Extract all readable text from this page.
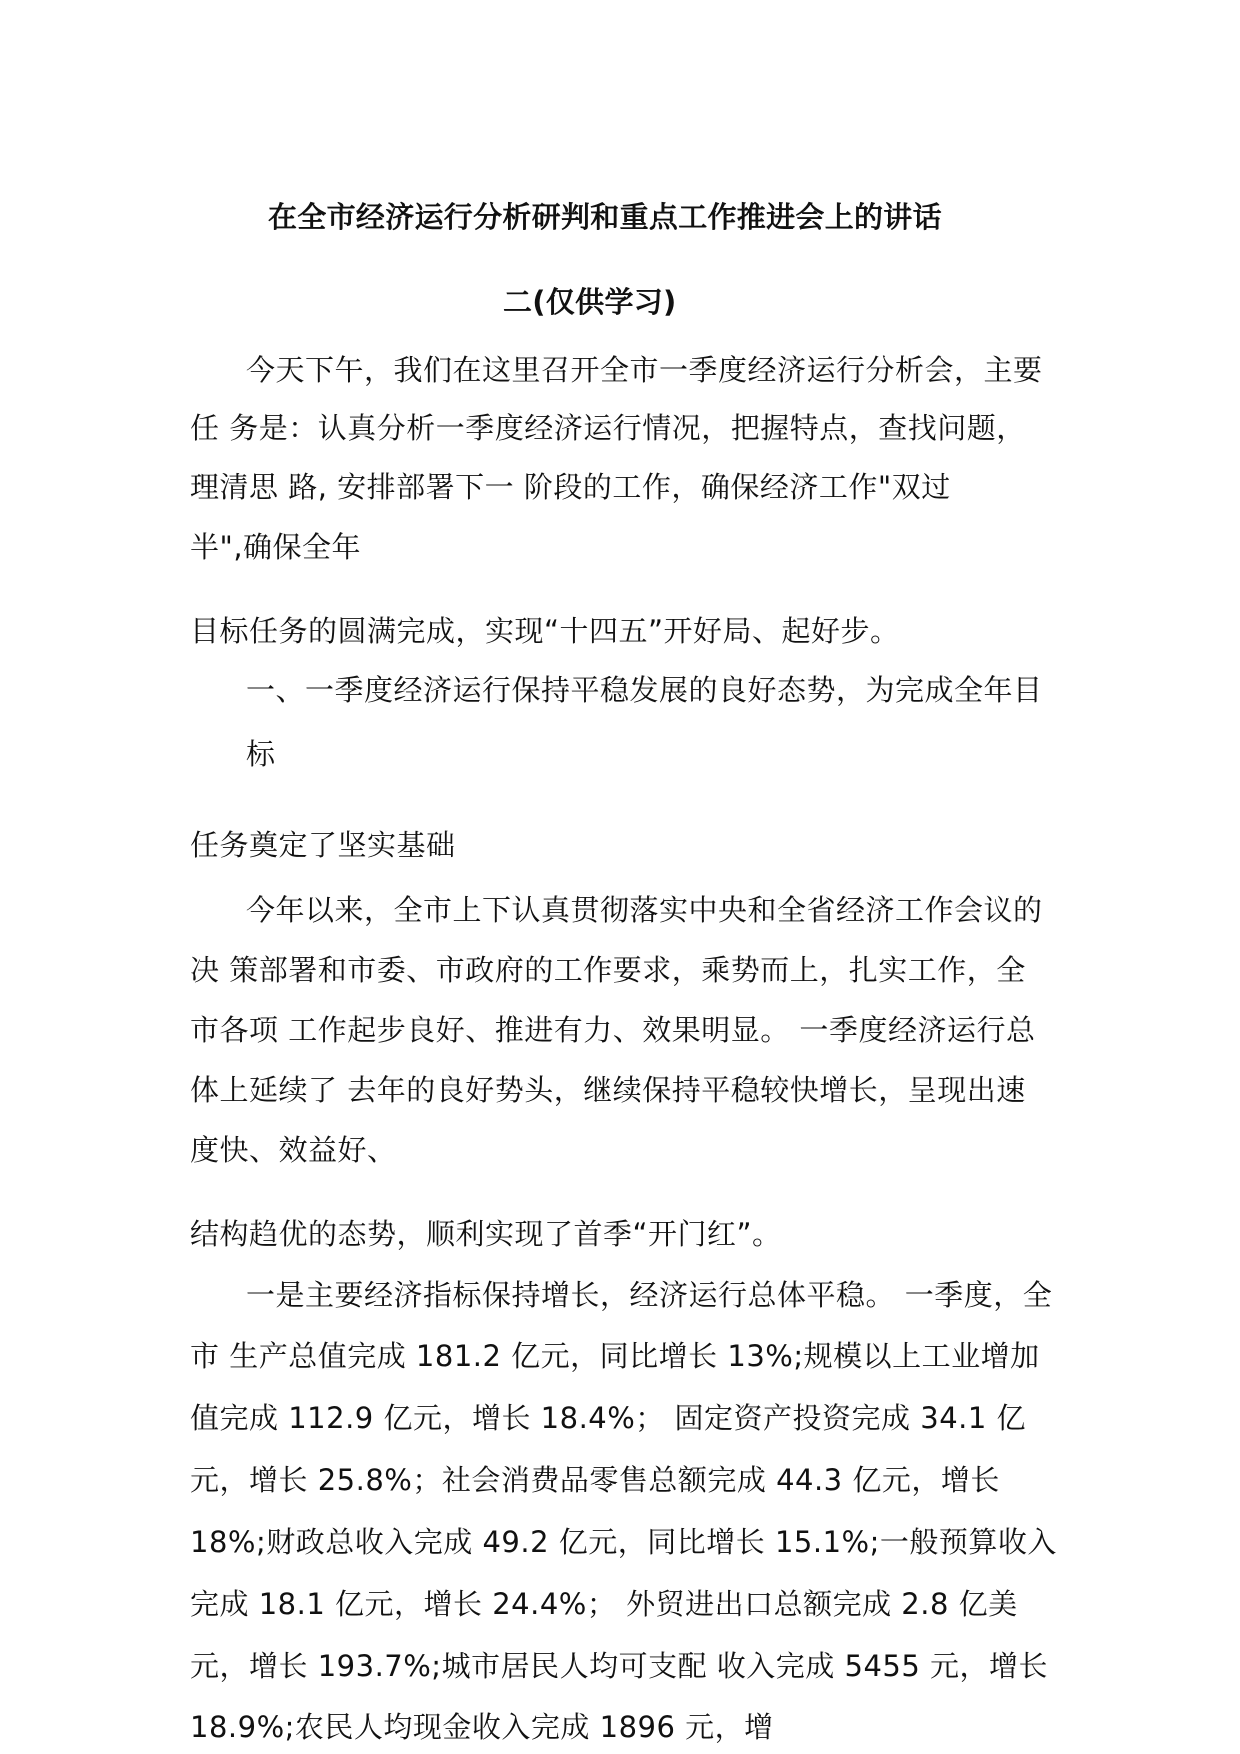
在全市经济运行分析研判和重点工作推进会上的讲话
二(仅供学习)
今天下午，我们在这里召开全市一季度经济运行分析会，主要
任 务是：认真分析一季度经济运行情况，把握特点，查找问题，
理清思 路, 安排部署下一 阶段的工作，确保经济工作"双过
半",确保全年
目标任务的圆满完成，实现“十四五”开好局、起好步。
一、一季度经济运行保持平稳发展的良好态势，为完成全年目
标
任务奠定了坚实基础
今年以来，全市上下认真贯彻落实中央和全省经济工作会议的
决 策部署和市委、市政府的工作要求，乘势而上，扎实工作，全
市各项 工作起步良好、推进有力、效果明显。 一季度经济运行总
体上延续了 去年的良好势头，继续保持平稳较快增长，呈现出速
度快、效益好、
结构趋优的态势，顺利实现了首季“开门红”。
一是主要经济指标保持增长，经济运行总体平稳。 一季度，全
市 生产总值完成 181.2 亿元，同比增长 13%;规模以上工业增加
值完成 112.9 亿元，增长 18.4%； 固定资产投资完成 34.1 亿
元，增长 25.8%；社会消费品零售总额完成 44.3 亿元，增长
18%;财政总收入完成 49.2 亿元，同比增长 15.1%;一般预算收入
完成 18.1 亿元，增长 24.4%； 外贸进出口总额完成 2.8 亿美
元，增长 193.7%;城市居民人均可支配 收入完成 5455 元，增长
18.9%;农民人均现金收入完成 1896 元，增
